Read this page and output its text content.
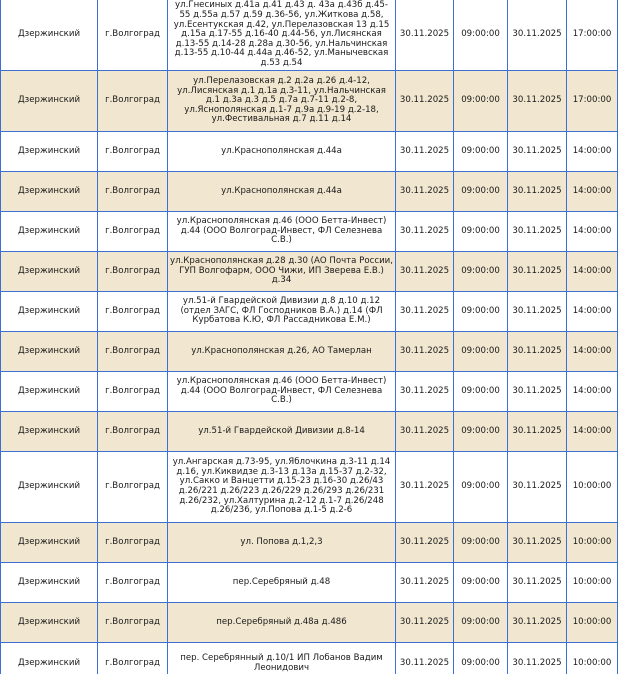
Дзержинский	г.Волгоград	ул.Гнесиных д.41а д.41 д.43 д. 43а д.43б д.45-55 д.55а д.57 д.59 д.36-56, ул.Житкова д.58, ул.Есентукская д.42, ул.Перелазовская 13 д.15 д.15а д.17-55 д.16-40 д.44-56, ул.Лисянская д.13-55 д.14-28 д.28а д.30-56, ул.Нальчинская д.13-55 д.10-44 д.44а д.46-52, ул.Манычевская д.53 д.54	30.11.2025	09:00:00	30.11.2025	17:00:00
Дзержинский	г.Волгоград	ул.Перелазовская д.2 д.2а д.26 д.4-12, ул.Лисянская д.1 д.1а д.3-11, ул.Нальчинская д.1 д.3а д.3 д.5 д.7а д.7-11 д.2-8, ул.Яснополянская д.1-7 д.9а д.9-19 д.2-18, ул.Фестивальная д.7 д.11 д.14	30.11.2025	09:00:00	30.11.2025	17:00:00
Дзержинский	г.Волгоград	ул.Краснополянская д.44а	30.11.2025	09:00:00	30.11.2025	14:00:00
Дзержинский	г.Волгоград	ул.Краснополянская д.44а	30.11.2025	09:00:00	30.11.2025	14:00:00
Дзержинский	г.Волгоград	ул.Краснополянская д.46 (ООО Бетта-Инвест) д.44 (ООО Волгоград-Инвест, ФЛ Селезнева С.В.)	30.11.2025	09:00:00	30.11.2025	14:00:00
Дзержинский	г.Волгоград	ул.Краснополянская д.28 д.30 (АО Почта России, ГУП Волгофарм, ООО Чижи, ИП Зверева Е.В.) д.34	30.11.2025	09:00:00	30.11.2025	14:00:00
Дзержинский	г.Волгоград	ул.51-й Гвардейской Дивизии д.8 д.10 д.12 (отдел ЗАГС, ФЛ Господников В.А.) д.14 (ФЛ Курбатова К.Ю, ФЛ Рассадникова Е.М.)	30.11.2025	09:00:00	30.11.2025	14:00:00
Дзержинский	г.Волгоград	ул.Краснополянская д.26, АО Тамерлан	30.11.2025	09:00:00	30.11.2025	14:00:00
Дзержинский	г.Волгоград	ул.Краснополянская д.46 (ООО Бетта-Инвест) д.44 (ООО Волгоград-Инвест, ФЛ Селезнева С.В.)	30.11.2025	09:00:00	30.11.2025	14:00:00
Дзержинский	г.Волгоград	ул.51-й Гвардейской Дивизии д.8-14	30.11.2025	09:00:00	30.11.2025	14:00:00
Дзержинский	г.Волгоград	ул.Ангарская д.73-95, ул.Яблочкина д.3-11 д.14 д.16, ул.Киквидзе д.3-13 д.13а д.15-37 д.2-32, ул.Сакко и Ванцетти д.15-23 д.16-30 д.26/43 д.26/221 д.26/223 д.26/229 д.26/293 д.26/231 д.26/232, ул.Халтурина д.2-12 д.1-7 д.26/248 д.26/236, ул.Попова д.1-5 д.2-6	30.11.2025	09:00:00	30.11.2025	10:00:00
Дзержинский	г.Волгоград	ул. Попова д.1,2,3	30.11.2025	09:00:00	30.11.2025	10:00:00
Дзержинский	г.Волгоград	пер.Серебряный д.48	30.11.2025	09:00:00	30.11.2025	10:00:00
Дзержинский	г.Волгоград	пер.Серебряный д.48а д.486	30.11.2025	09:00:00	30.11.2025	10:00:00
Дзержинский	г.Волгоград	пер. Серебрянный д.10/1 ИП Лобанов Вадим Леонидович	30.11.2025	09:00:00	30.11.2025	10:00:00
